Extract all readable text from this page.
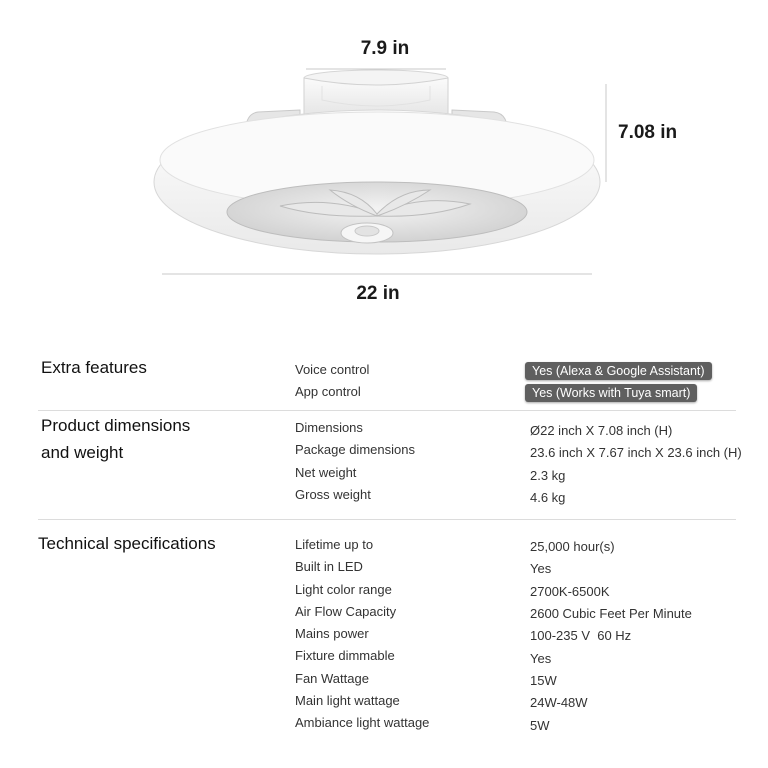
7.9 in
7.08 in
22 in
Extra features	Voice control	Yes (Alexa & Google Assistant)
App control	Yes (Works with Tuya smart)
Product dimensions
and weight
Dimensions	Ø22 inch X 7.08 inch (H)
Package dimensions	23.6 inch X 7.67 inch X 23.6 inch (H)
Net weight	2.3 kg
Gross weight	4.6 kg
Technical specifications	Lifetime up to	25,000 hour(s)
Built in LED	Yes
Light color range	2700K-6500K
Air Flow Capacity	2600 Cubic Feet Per Minute
Mains power	100-235 V  60 Hz
Fixture dimmable	Yes
Fan Wattage	15W
Main light wattage	24W-48W
Ambiance light wattage	5W
